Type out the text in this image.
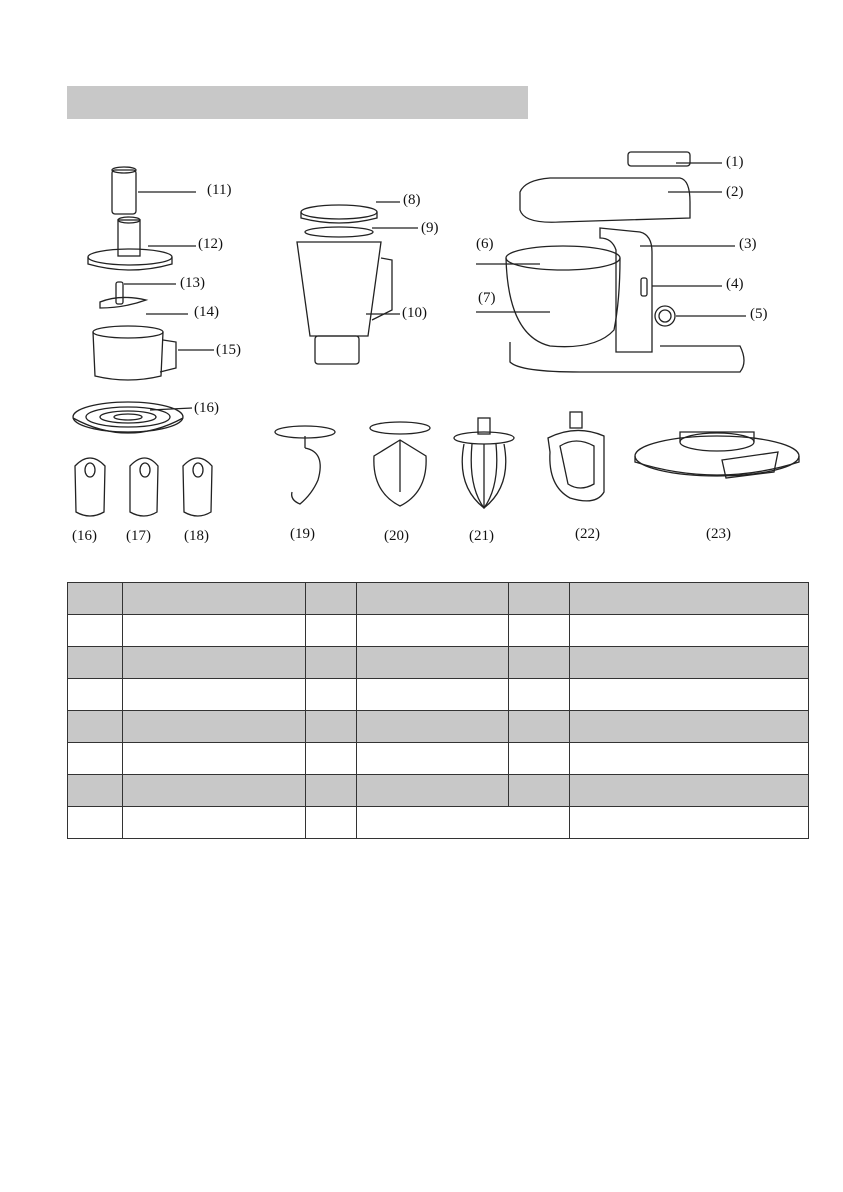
(11)
(12)
(13)
(14)
(15)
(16)
(16) (17) (18)
(8)
(9)
(10)
(1)
(2)
(3)
(4)
(5)
(6)
(7)
(19)	(20)	(21)	(22)	(23)
